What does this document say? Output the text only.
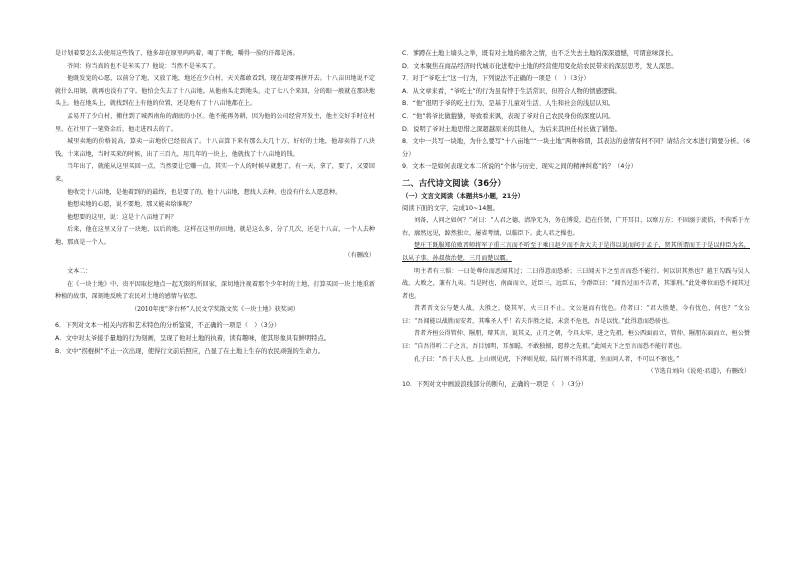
是计划着要怎么去使用这些钱了，他多却在原里呜呜着，喝了半晚，嚼得一脸的汗都是汤。

爷问：你当真的也不是米买了？他说：当然不是米买了。

他既发觉的心愿，以前分了地，又放了地，地还在少白村，天关都敢看到，现在却要再拼开去。十八亩田地说不定就什么用钢，就再也没有了守。他怕会失去了十八亩地。从他南头走到地头，走了七八个来回，分的眼一般就在那块地头上。他在地头上，就找到在上有他的位置，还是地有了十八亩地都在上。

孟易开了少白村，搬住到了城西南角的湖底的小区。他不能再务耕，因为他的公司经营开发主，他主交好手时在村里，在社里了一笔资金后，他走进四去的了。

城里卖地的价格说高，算卖一亩地价已经很高了。十八亩算下来有那么大几十万，好好的土地，他却卖得了八块钱。十来亩地，当时买来的时候，出了三百九，用几年的一块上，他就找了十八亩地的钱。

当年出了，就能从这里买回一点，当然要让它赚一点，其实一个人的时候早就想了，有一天，拿了，要了，又要回来。

他收完十八亩地，是他着到的的最终，也是要了的，他十八亩地，想找人去种，也没有什么人愿意种。

他想卖地的心愿，说不要地，那又能卖给谁呢？

他想要的这里，说：这是十八亩地了吗？

后来，他在这里又分了一块地，以后的地，这样在这里的田地，就是这么多，分了几次，还是十八亩，一个人去种地，那真是一个人。

（有删改）

文本二：

在《一块土地》中，贵平因取挖地点一起无限的所回家，深切地注视着那个少年时的土地，打算买回一块土地重新种植的故事，深刻地反映了农民对土地的感情与依恋。

（2010年度“茅台杯”人民文学奖散文奖《一块土地》获奖词）

6．下列对文本一相关内容和艺术特色的分析鉴赏，不正确的一项是（　）（3分）

A．文中对太爷接手量地的行为刻画，呈现了他对土地的执着，读有趣味，使其形象具有鲜明特点。

B．文中“拐棍树”不止一次出现，使得行文前后照应，凸显了在土地上生存的农民顽强的生命力。

C．爹蹲在土地上墙头之举，既有对土地的痛舍之情，也不乏失去土地的深深遗憾，可谓意味深长。

D．文本聚焦在商品经济时代城市化进程中土地的经营使用变化给农民带来的深层思考，发人深思。

7．对于“爷吃土”这一行为，下列说法不正确的一项是（　）（3分）

A．从文章来看，“爷吃土”的行为虽有悖于生活常识，但符合人物的情感逻辑。

B．“他”很明于爷的吃土行为，是基于儿童对生活、人生和社会的浅层认知。

C．“他”将爷比做貔貅，导致看来讽，表现了爷对自己农民身份的深度认同。

D．说明了爷对土地思惜之深超越原来的其他人，为后来其担任村长做了铺垫。

8．文中一共写一块地，为什么要写“十八亩地”“一块土地”两种称谓，其表达的意情有何不同？请结合文本进行简要分析。（6分）

9．文本一是如何表现文本二所说的“个体与历史、现实之间的精神纠葛”的？（4分）

二、古代诗文阅读（36分）

（一）文言文阅读（本题共5小题，21分）

阅读下面的文字，完成10~14题。

刘备，人问之如何？”对曰：“人君之德，清净无为，务在博爱，趋在任贤，广开耳目，以察万方；不固溺于流俗，不拘系于左右，廓然远见，踔然独立，屡省考绩，以临臣下。此人君之操也。

楚庄王既服郑伯败晋师将军子重三言而不听至于乘日赵夕而不舍大夫于是得以说而问于孟子，贤其所谓而王于是以仲臣为名，以从子事。孙叔敖治楚，三月而楚以霸。

明主者有三惧：一曰处尊位而恶闻其过；二曰得意而恐骄；三曰闻天下之至言而恐不能行。何以识其然也？越王勾践与吴人战，大败之，兼有九夷。当是时也，南面而立，近臣三，远臣五，令群臣曰：“闻吾过而不告者，其罪刑。”此处尊位而恐不闻其过者也。

昔者晋文公与楚人战，大胜之，烧其军，火三日不止。文公退而有忧色。侍者曰：“君大胜楚，今有忧色，何也？”文公曰：“吾闻能以战胜而安者，其唯圣人乎！若夫诈胜之徒，未尝不危也，吾是以忧。”此得意而恐骄也。

昔者齐桓公得管仲、隰朋，辩其言，说其义，正月之朝，令具太牢，进之先祖，桓公西面而立，管仲、隰朋东面而立，桓公赞曰：“自吾得听二子之言，吾目加明，耳加聪，不敢独擅，愿荐之先祖。”此闻天下之至言而恐不能行者也。

孔子曰：“吾于夫人也，上山则见虎，下泽则见蛟，陆行则不得其道，坐而问人者，不可以不察也。”

（节选自刘向《说苑·君道》，有删改）

10．下列对文中画波浪线部分的断句，正确的一项是（　）（3分）
